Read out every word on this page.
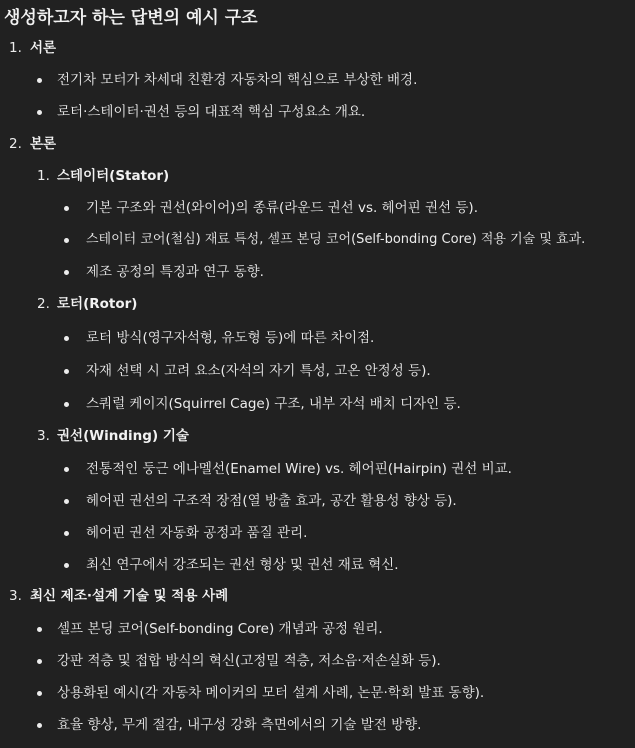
생성하고자 하는 답변의 예시 구조
1. 서론
전기차 모터가 차세대 친환경 자동차의 핵심으로 부상한 배경.
로터·스테이터·권선 등의 대표적 핵심 구성요소 개요.
2. 본론
1. 스테이터(Stator)
기본 구조와 권선(와이어)의 종류(라운드 권선 vs. 헤어핀 권선 등).
스테이터 코어(철심) 재료 특성, 셀프 본딩 코어(Self-bonding Core) 적용 기술 및 효과.
제조 공정의 특징과 연구 동향.
2. 로터(Rotor)
로터 방식(영구자석형, 유도형 등)에 따른 차이점.
자재 선택 시 고려 요소(자석의 자기 특성, 고온 안정성 등).
스쿼럴 케이지(Squirrel Cage) 구조, 내부 자석 배치 디자인 등.
3. 권선(Winding) 기술
전통적인 둥근 에나멜선(Enamel Wire) vs. 헤어핀(Hairpin) 권선 비교.
헤어핀 권선의 구조적 장점(열 방출 효과, 공간 활용성 향상 등).
헤어핀 권선 자동화 공정과 품질 관리.
최신 연구에서 강조되는 권선 형상 및 권선 재료 혁신.
3. 최신 제조·설계 기술 및 적용 사례
셀프 본딩 코어(Self-bonding Core) 개념과 공정 원리.
강판 적층 및 접합 방식의 혁신(고정밀 적층, 저소음·저손실화 등).
상용화된 예시(각 자동차 메이커의 모터 설계 사례, 논문·학회 발표 동향).
효율 향상, 무게 절감, 내구성 강화 측면에서의 기술 발전 방향.
